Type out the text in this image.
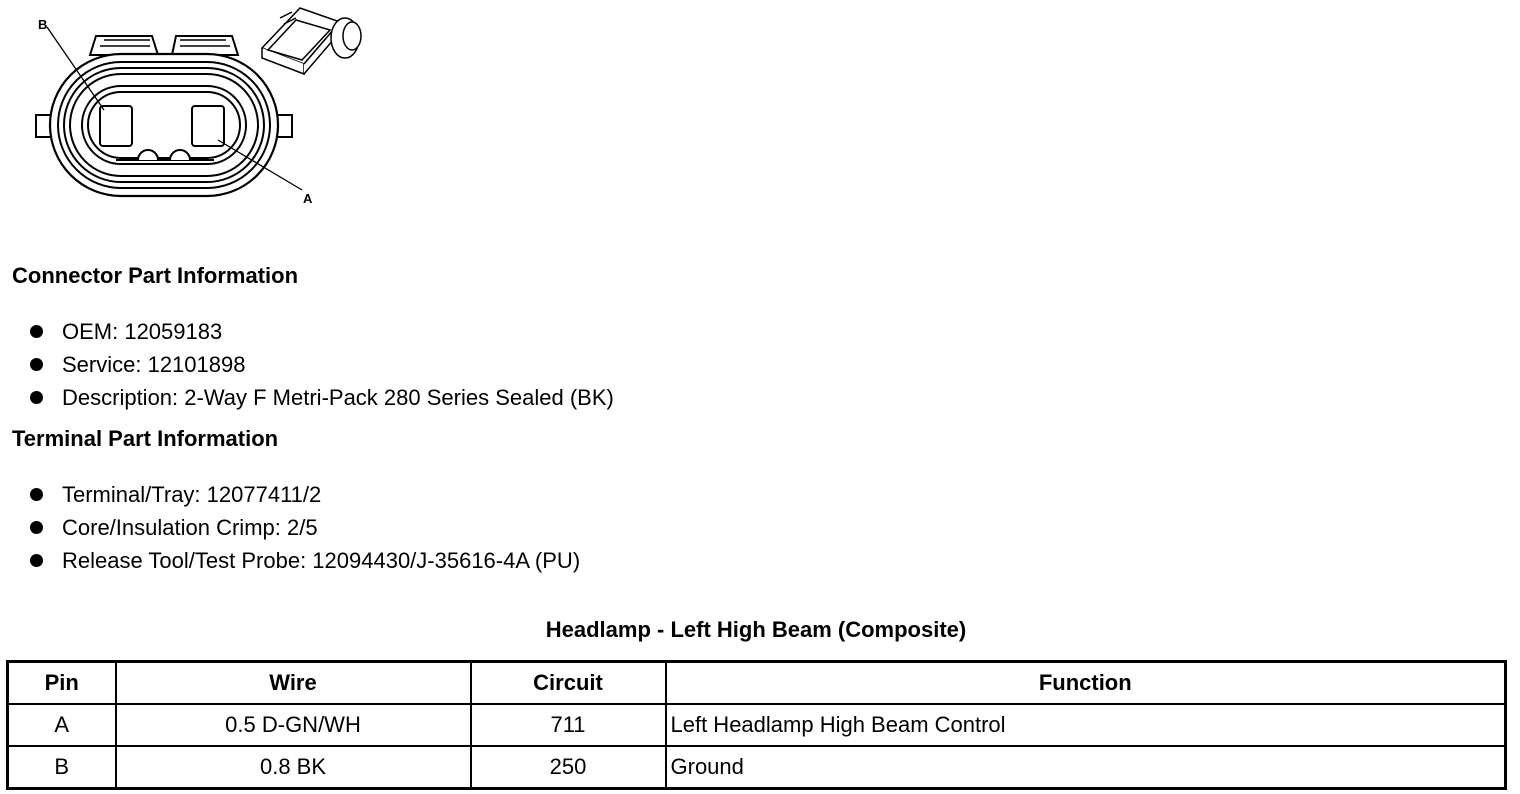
B
A
Connector Part Information
OEM: 12059183
Service: 12101898
Description: 2-Way F Metri-Pack 280 Series Sealed (BK)
Terminal Part Information
Terminal/Tray: 12077411/2
Core/Insulation Crimp: 2/5
Release Tool/Test Probe: 12094430/J-35616-4A (PU)
Headlamp - Left High Beam (Composite)
Pin	Wire	Circuit	Function
A	0.5 D-GN/WH	711	Left Headlamp High Beam Control
B	0.8 BK	250	Ground
